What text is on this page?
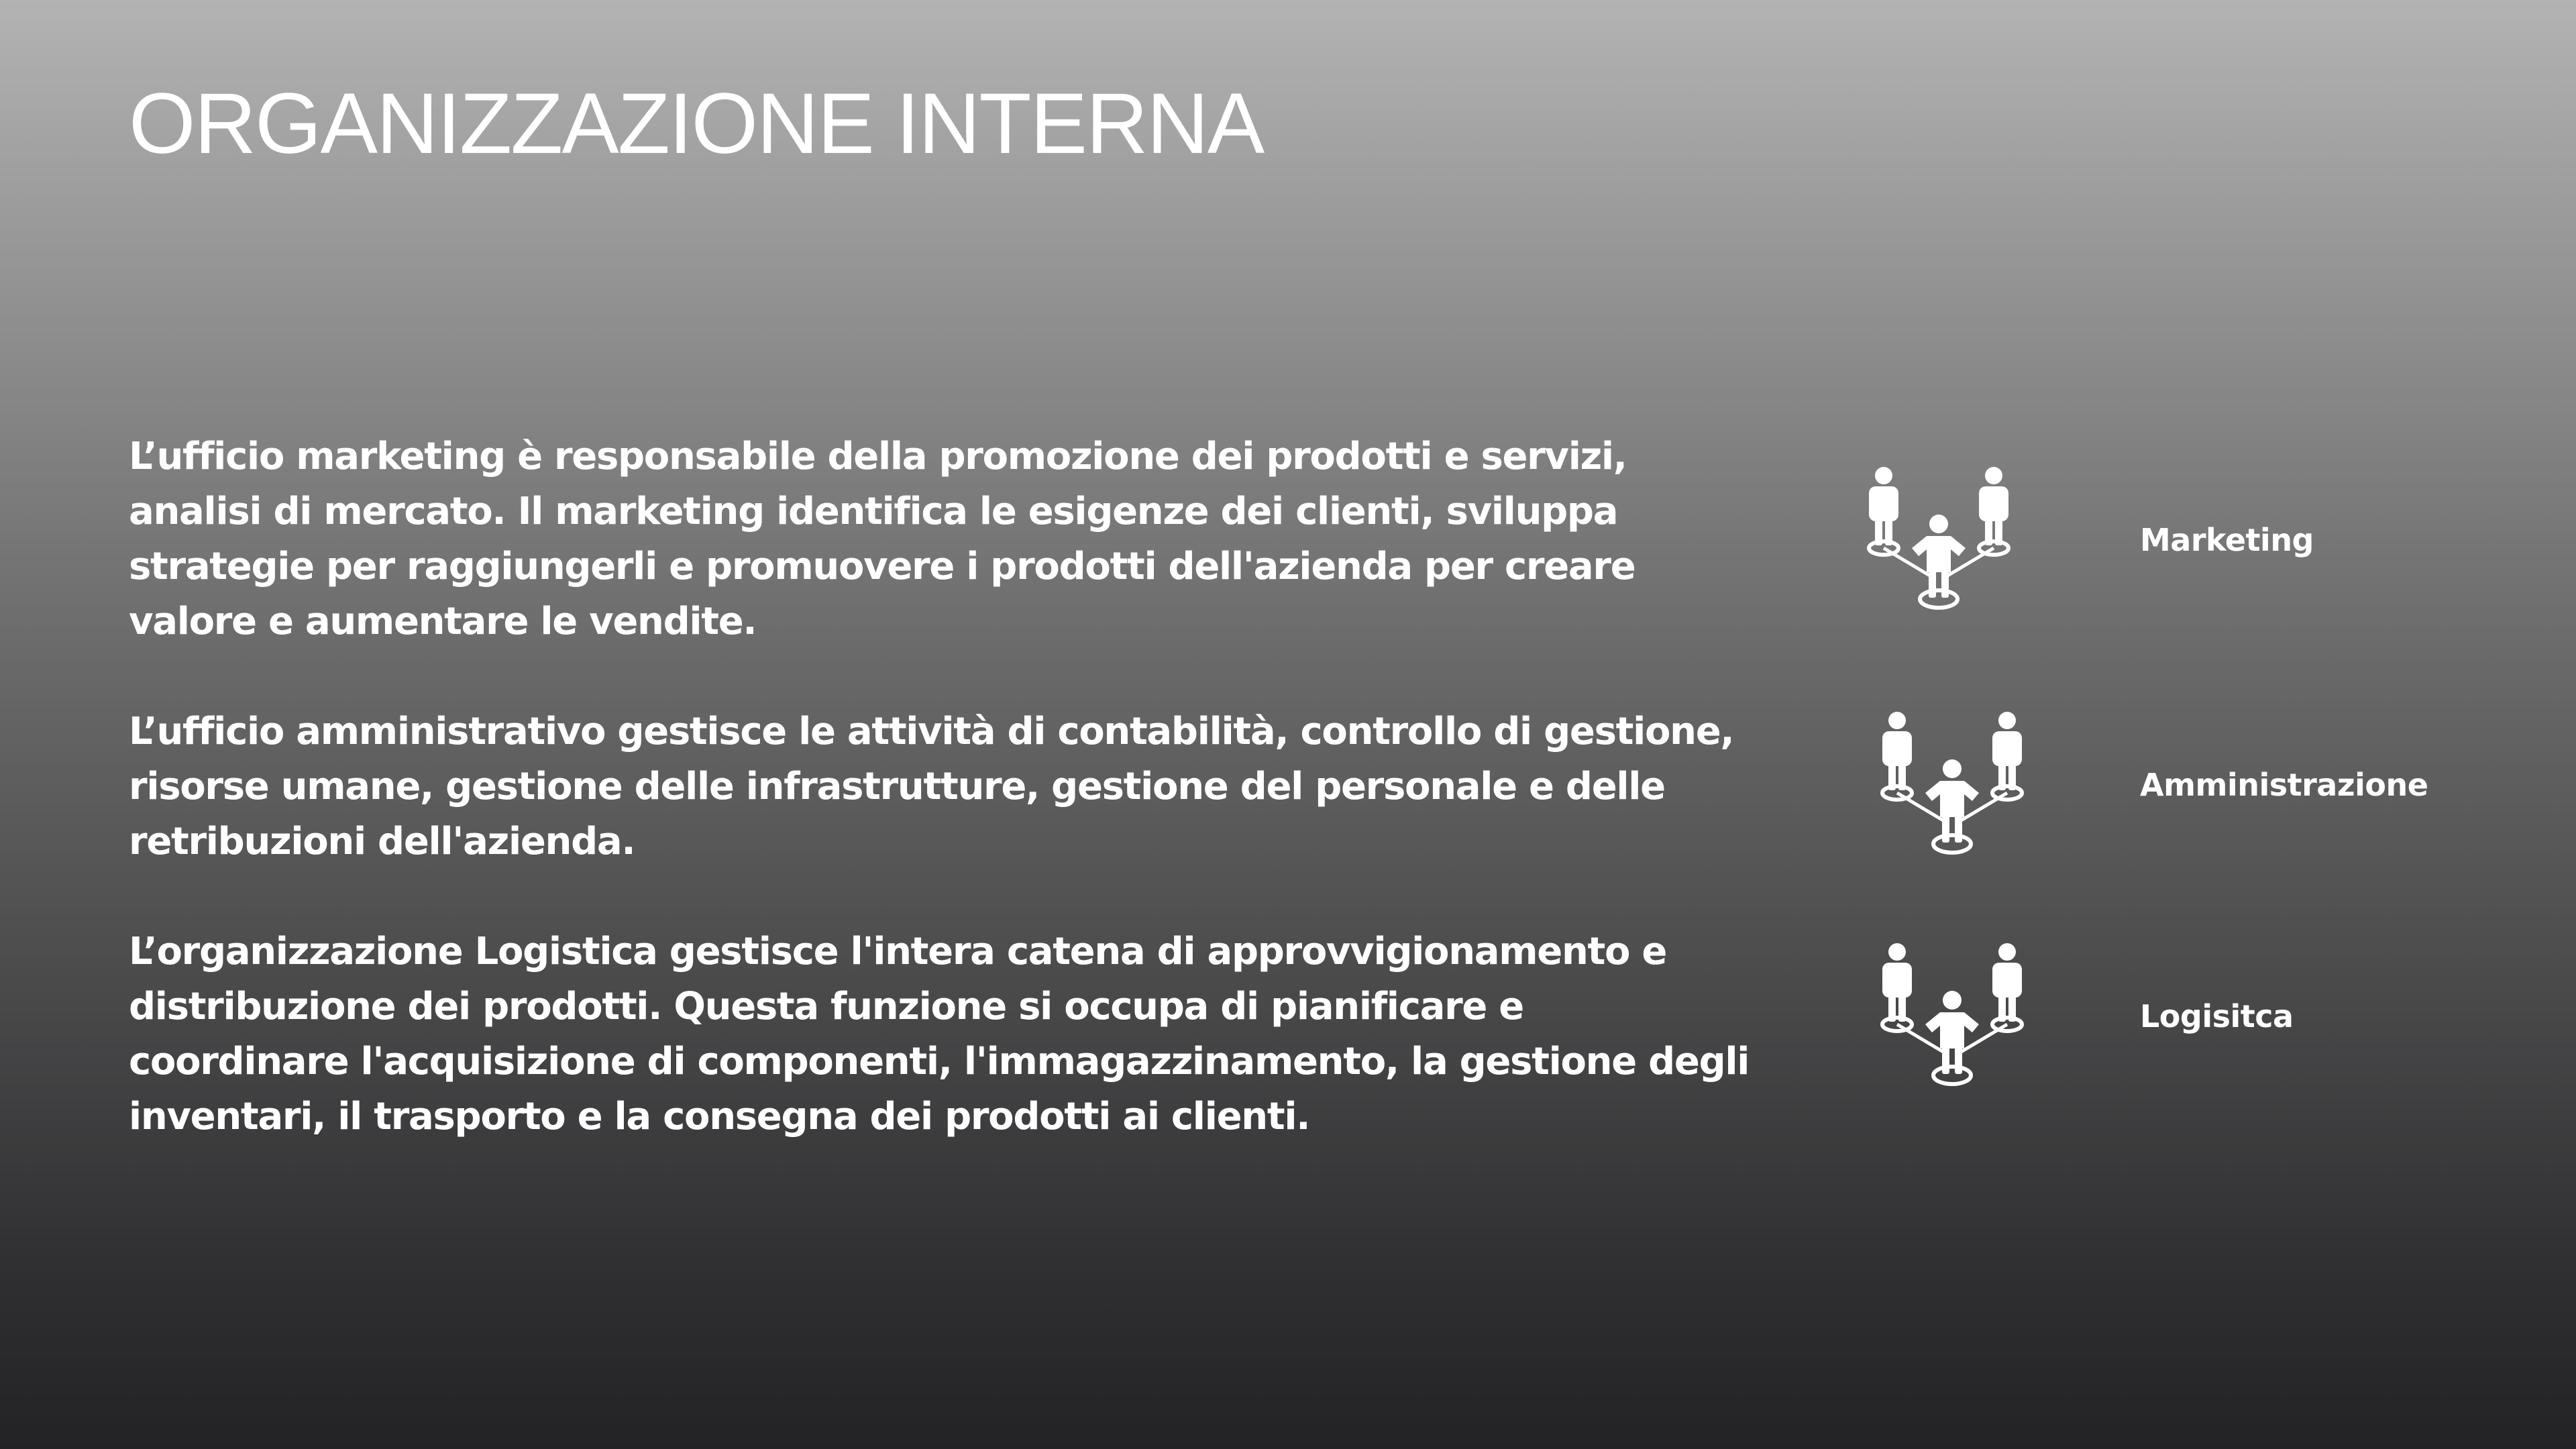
ORGANIZZAZIONE INTERNA

L’ufficio marketing è responsabile della promozione dei prodotti e servizi, analisi di mercato. Il marketing identifica le esigenze dei clienti, sviluppa strategie per raggiungerli e promuovere i prodotti dell'azienda per creare valore e aumentare le vendite.

L’ufficio amministrativo gestisce le attività di contabilità, controllo di gestione, risorse umane, gestione delle infrastrutture, gestione del personale e delle retribuzioni dell'azienda.

L’organizzazione Logistica gestisce l'intera catena di approvvigionamento e distribuzione dei prodotti. Questa funzione si occupa di pianificare e coordinare l'acquisizione di componenti, l'immagazzinamento, la gestione degli inventari, il trasporto e la consegna dei prodotti ai clienti.

Marketing
Amministrazione
Logisitca
